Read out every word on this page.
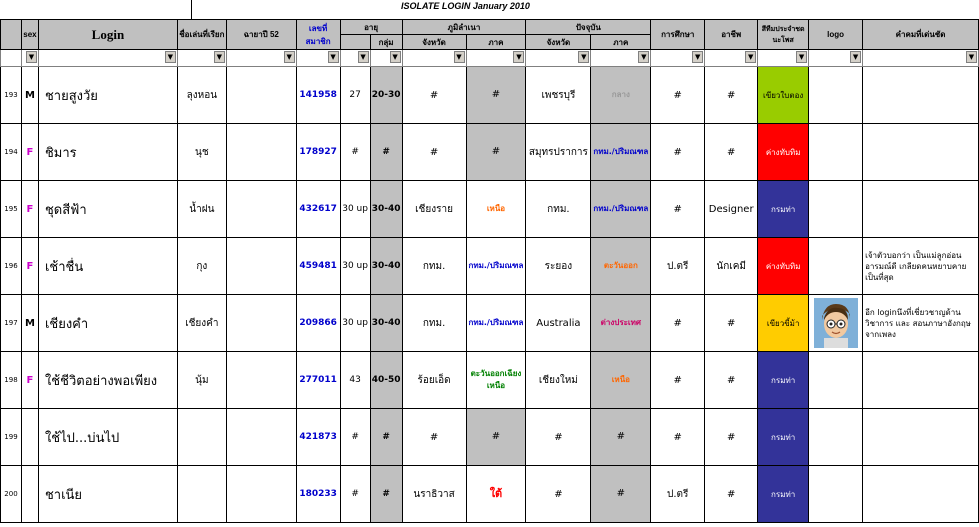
ISOLATE LOGIN January 2010
	sex	Login	ชื่อเล่นที่เรียก	ฉายาปี 52	เลขที่สมาชิก	อายุ		ภูมิลำเนา		ปัจจุบัน		การศึกษา	อาชีพ	สีทีมประจำชดนะโพส	logo	คำคมที่เด่นชัด
							กลุ่ม	จังหวัด	ภาค	จังหวัด	ภาค					

	▼	▼	▼	▼	▼	▼	▼	▼	▼	▼	▼	▼	▼	▼	▼	▼

193	M	ชายสูงวัย	ลุงหอน		141958	27	20-30	#	#	เพชรบุรี	กลาง	#	#	เขียวใบตอง		
194	F	ชิมาร	นุช		178927	#	#	#	#	สมุทรปราการ	กทม./ปริมณฑล	#	#	ค่างทับทิม		
195	F	ชุดสีฟ้า	น้ำฝน		432617	30 up	30-40	เชียงราย	เหนือ	กทม.	กทม./ปริมณฑล	#	Designer	กรมท่า		
196	F	เช้าชื่น	กุง		459481	30 up	30-40	กทม.	กทม./ปริมณฑล	ระยอง	ตะวันออก	ป.ตรี	นักเคมี	ค่างทับทิม		เจ้าตัวบอกว่า เป็นแม่ลูกอ่อนอารมณ์ดี เกลียดคนหยาบคายเป็นที่สุด
197	M	เชียงคำ	เชียงคำ		209866	30 up	30-40	กทม.	กทม./ปริมณฑล	Australia	ต่างประเทศ	#	#	เขียวขี้ม้า		อีก loginนึงที่เชี่ยวชาญด้านวิชาการ และ สอนภาษาอังกฤษจากเพลง
198	F	ใช้ชีวิตอย่างพอเพียง	นุ้ม		277011	43	40-50	ร้อยเอ็ด	ตะวันออกเฉียงเหนือ	เชียงใหม่	เหนือ	#	#	กรมท่า		
199		ใช้ไป...บ่นไป			421873	#	#	#	#	#	#	#	#	กรมท่า		
200		ชาเนีย			180233	#	#	นราธิวาส	ใต้	#	#	ป.ตรี	#	กรมท่า		
